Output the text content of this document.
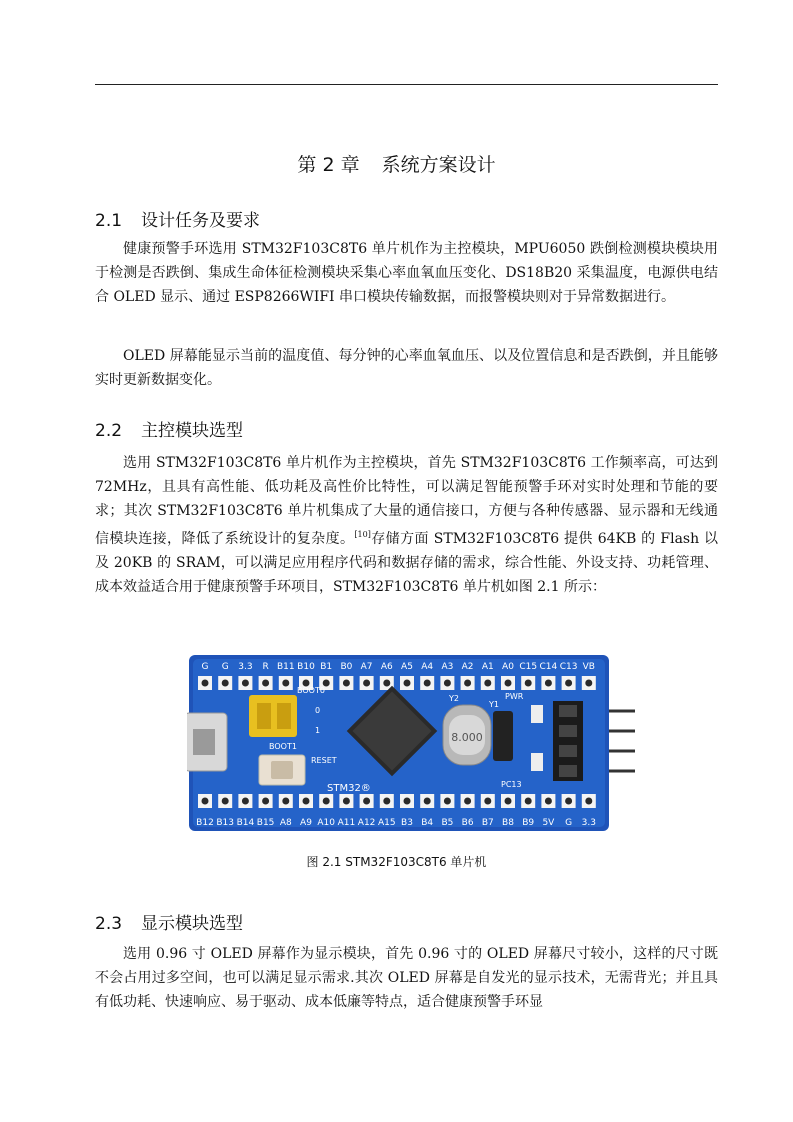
第 2 章 系统方案设计
2.1 设计任务及要求

健康预警手环选用 STM32F103C8T6 单片机作为主控模块，MPU6050 跌倒检测模块模块用于检测是否跌倒、集成生命体征检测模块采集心率血氧血压变化、DS18B20 采集温度，电源供电结合 OLED 显示、通过 ESP8266WIFI 串口模块传输数据，而报警模块则对于异常数据进行。

OLED 屏幕能显示当前的温度值、每分钟的心率血氧血压、以及位置信息和是否跌倒，并且能够实时更新数据变化。

2.2 主控模块选型

选用 STM32F103C8T6 单片机作为主控模块，首先 STM32F103C8T6 工作频率高，可达到 72MHz，且具有高性能、低功耗及高性价比特性，可以满足智能预警手环对实时处理和节能的要求；其次 STM32F103C8T6 单片机集成了大量的通信接口，方便与各种传感器、显示器和无线通信模块连接，降低了系统设计的复杂度。[10]存储方面 STM32F103C8T6 提供 64KB 的 Flash 以及 20KB 的 SRAM，可以满足应用程序代码和数据存储的需求，综合性能、外设支持、功耗管理、成本效益适合用于健康预警手环项目，STM32F103C8T6 单片机如图 2.1 所示：

G G 3.3 R B11 B10 B1 B0 A7 A6 A5 A4 A3 A2 A1 A0 C15 C14 C13 VB
B12 B13 B14 B15 A8 A9 A10 A11 A12 A15 B3 B4 B5 B6 B7 B8 B9 5V G 3.3
BOOT0
BOOT1
0
1
RESET
STM32®
8.000
Y2
Y1
PWR
PC13
图 2.1 STM32F103C8T6 单片机
2.3 显示模块选型

选用 0.96 寸 OLED 屏幕作为显示模块，首先 0.96 寸的 OLED 屏幕尺寸较小，这样的尺寸既不会占用过多空间，也可以满足显示需求.其次 OLED 屏幕是自发光的显示技术，无需背光；并且具有低功耗、快速响应、易于驱动、成本低廉等特点，适合健康预警手环显
